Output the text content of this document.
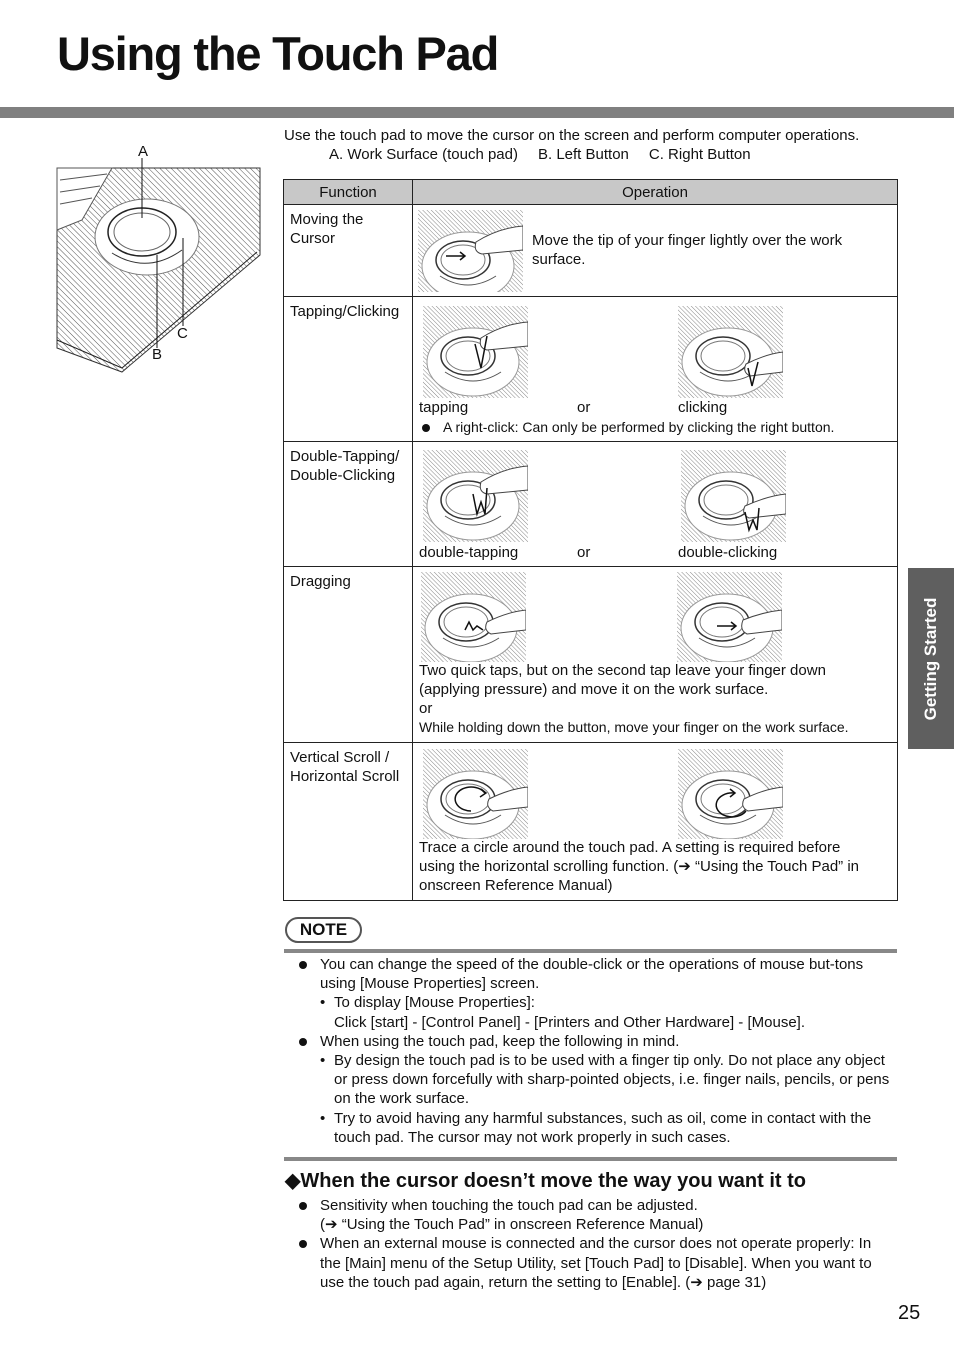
Using the Touch Pad
A
B
C
Use the touch pad to move the cursor on the screen and perform computer operations.
A. Work Surface (touch pad) B. Left Button C. Right Button
Function	Operation
Moving the Cursor	Move the tip of your finger lightly over the work surface.

Tapping/Clicking	tapping or clicking
A right-click: Can only be performed by clicking the right button.

Double-Tapping/ Double-Clicking	double-tapping or double-clicking

Dragging	Two quick taps, but on the second tap leave your finger down (applying pressure) and move it on the work surface.
or
While holding down the button, move your finger on the work surface.

Vertical Scroll / Horizontal Scroll	Trace a circle around the touch pad. A setting is required before using the horizontal scrolling function. (➔ “Using the Touch Pad” in onscreen Reference Manual)
Getting Started
NOTE
You can change the speed of the double-click or the operations of mouse but-tons using [Mouse Properties] screen.
• To display [Mouse Properties]:
Click [start] - [Control Panel] - [Printers and Other Hardware] - [Mouse].
When using the touch pad, keep the following in mind.
• By design the touch pad is to be used with a finger tip only. Do not place any object or press down forcefully with sharp-pointed objects, i.e. finger nails, pencils, or pens on the work surface.
• Try to avoid having any harmful substances, such as oil, come in contact with the touch pad. The cursor may not work properly in such cases.
◆When the cursor doesn’t move the way you want it to
Sensitivity when touching the touch pad can be adjusted.
(➔ “Using the Touch Pad” in onscreen Reference Manual)
When an external mouse is connected and the cursor does not operate properly: In the [Main] menu of the Setup Utility, set [Touch Pad] to [Disable]. When you want to use the touch pad again, return the setting to [Enable]. (➔ page 31)
25
